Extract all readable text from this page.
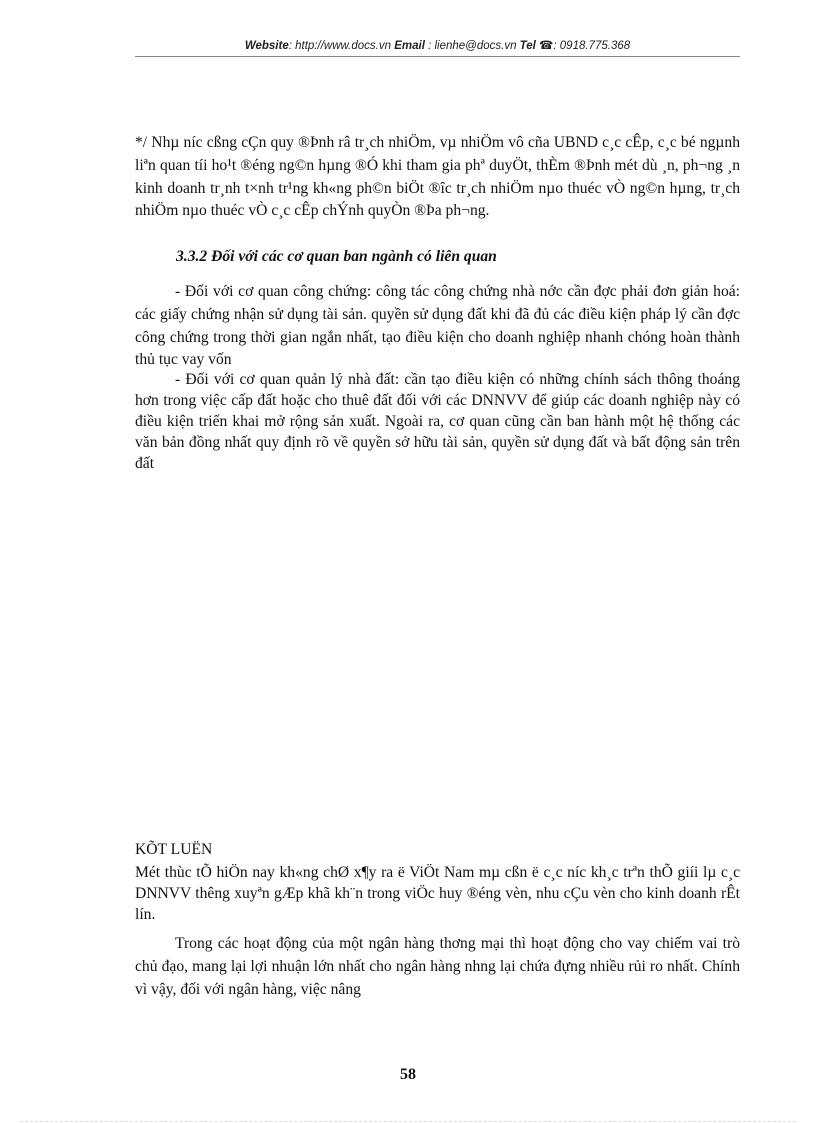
Website: http://www.docs.vn Email : lienhe@docs.vn Tel ☎: 0918.775.368

*/ Nhµ níc cßng cÇn quy ®Þnh râ tr¸ch nhiÖm, vµ nhiÖm vô cña UBND c¸c cÊp, c¸c bé ngµnh liªn quan tíi ho¹t ®éng ng©n hµng ®Ó khi tham gia phª duyÖt, thÈm ®Þnh mét dù ¸n, ph¬ng ¸n kinh doanh tr¸nh t×nh tr¹ng kh«ng ph©n biÖt ®îc tr¸ch nhiÖm nµo thuéc vÒ ng©n hµng, tr¸ch nhiÖm nµo thuéc vÒ c¸c cÊp chÝnh quyÒn ®Þa ph¬ng.

3.3.2 Đối với các cơ quan ban ngành có liên quan

- Đối với cơ quan công chứng: công tác công chứng nhà nớc cần đợc phải đơn giản hoá: các giấy chứng nhận sử dụng tài sản. quyền sử dụng đất khi đã đủ các điều kiện pháp lý cần đợc công chứng trong thời gian ngắn nhất, tạo điều kiện cho doanh nghiệp nhanh chóng hoàn thành thủ tục vay vốn

- Đối với cơ quan quản lý nhà đất: cần tạo điều kiện có những chính sách thông thoáng hơn trong việc cấp đất hoặc cho thuê đất đối với các DNNVV để giúp các doanh nghiệp này có điều kiện triển khai mở rộng sản xuất. Ngoài ra, cơ quan cũng cần ban hành một hệ thống các văn bản đồng nhất quy định rõ về quyền sở hữu tài sản, quyền sử dụng đất và bất động sản trên đất

KÕT LUËN

Mét thùc tÕ hiÖn nay kh«ng chØ x¶y ra ë ViÖt Nam mµ cßn ë c¸c níc kh¸c trªn thÕ giíi lµ c¸c DNNVV thêng xuyªn gÆp khã kh¨n trong viÖc huy ®éng vèn, nhu cÇu vèn cho kinh doanh rÊt lín.

Trong các hoạt động của một ngân hàng thơng mại thì hoạt động cho vay chiếm vai trò chủ đạo, mang lại lợi nhuận lớn nhất cho ngân hàng nhng lại chứa đựng nhiều rủi ro nhất. Chính vì vậy, đối với ngân hàng, việc nâng

58
